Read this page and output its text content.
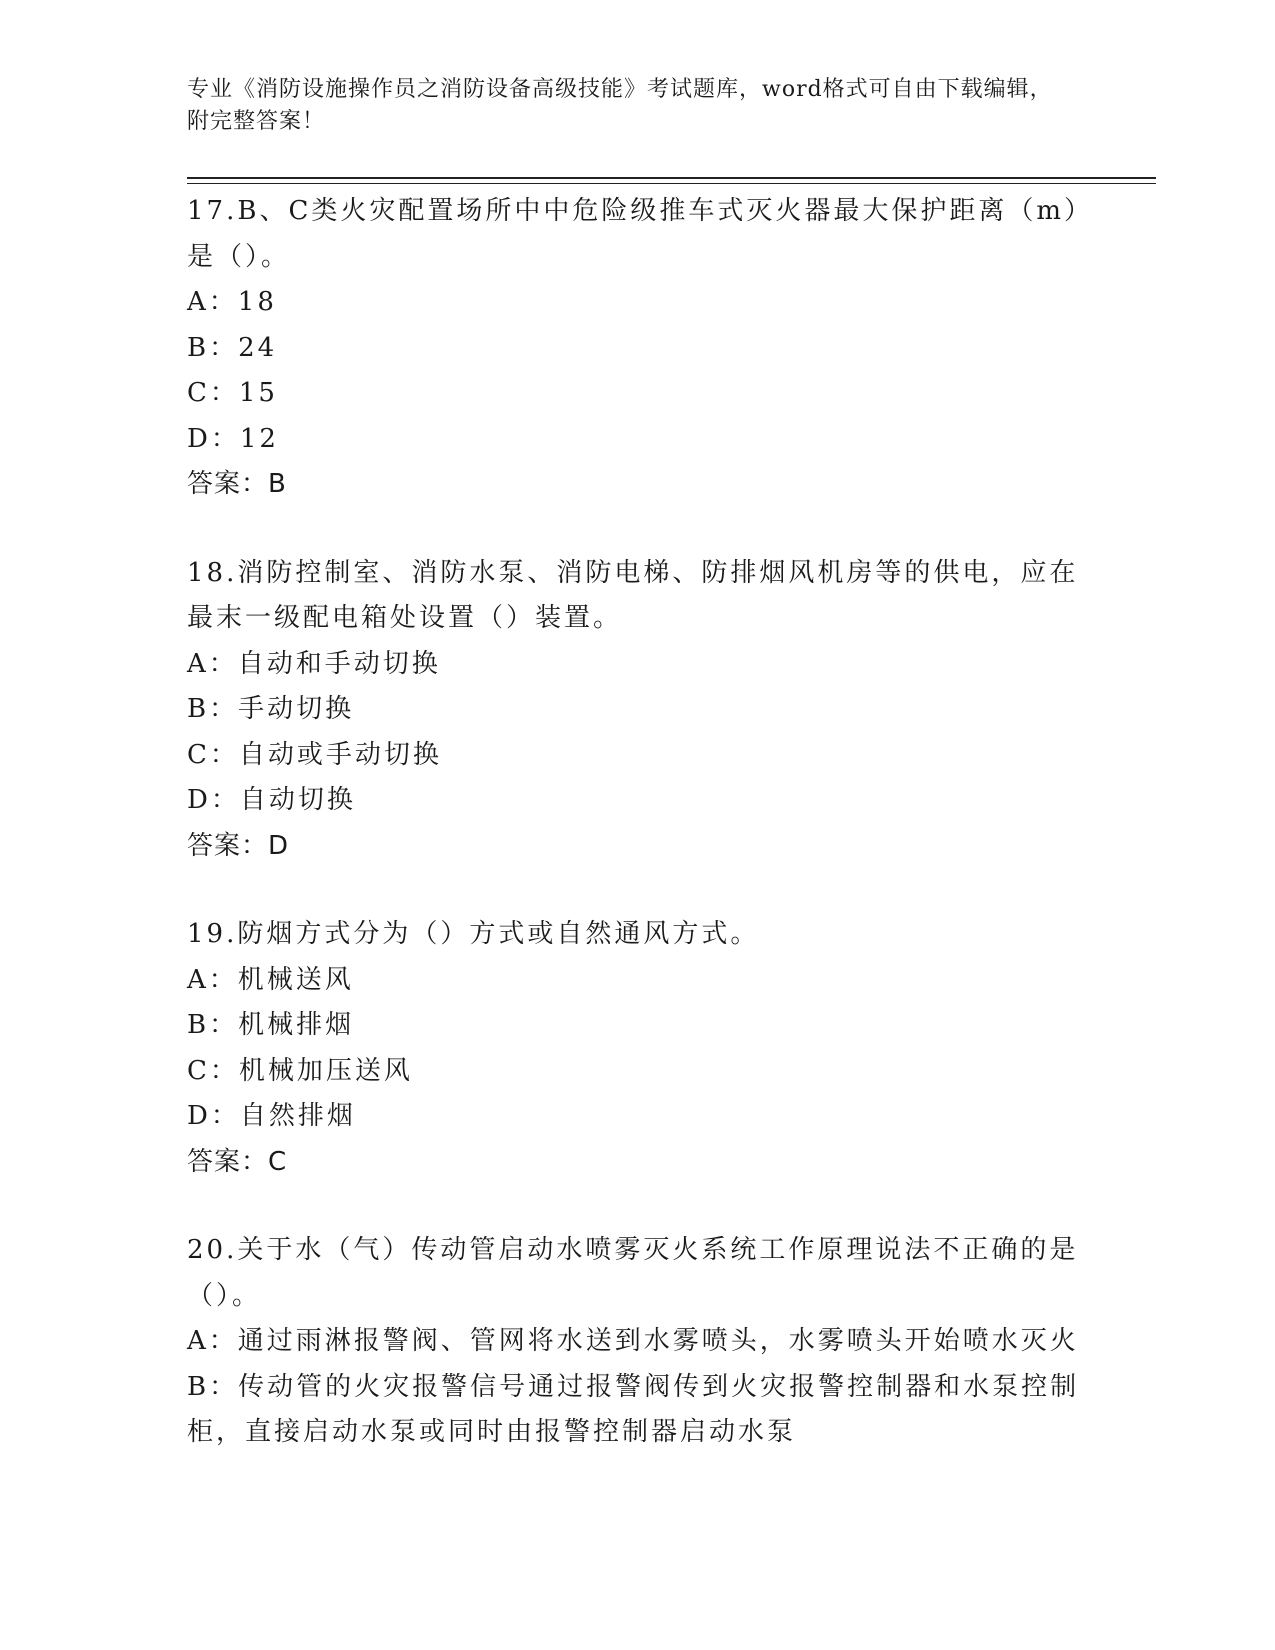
专业《消防设施操作员之消防设备高级技能》考试题库，word格式可自由下载编辑，附完整答案！
17.B、C类火灾配置场所中中危险级推车式灭火器最大保护距离（m）
是（）。
A：18
B：24
C：15
D：12
答案：B
18.消防控制室、消防水泵、消防电梯、防排烟风机房等的供电，应在
最末一级配电箱处设置（）装置。
A：自动和手动切换
B：手动切换
C：自动或手动切换
D：自动切换
答案：D
19.防烟方式分为（）方式或自然通风方式。
A：机械送风
B：机械排烟
C：机械加压送风
D：自然排烟
答案：C
20.关于水（气）传动管启动水喷雾灭火系统工作原理说法不正确的是
（）。
A：通过雨淋报警阀、管网将水送到水雾喷头，水雾喷头开始喷水灭火
B：传动管的火灾报警信号通过报警阀传到火灾报警控制器和水泵控制
柜，直接启动水泵或同时由报警控制器启动水泵
